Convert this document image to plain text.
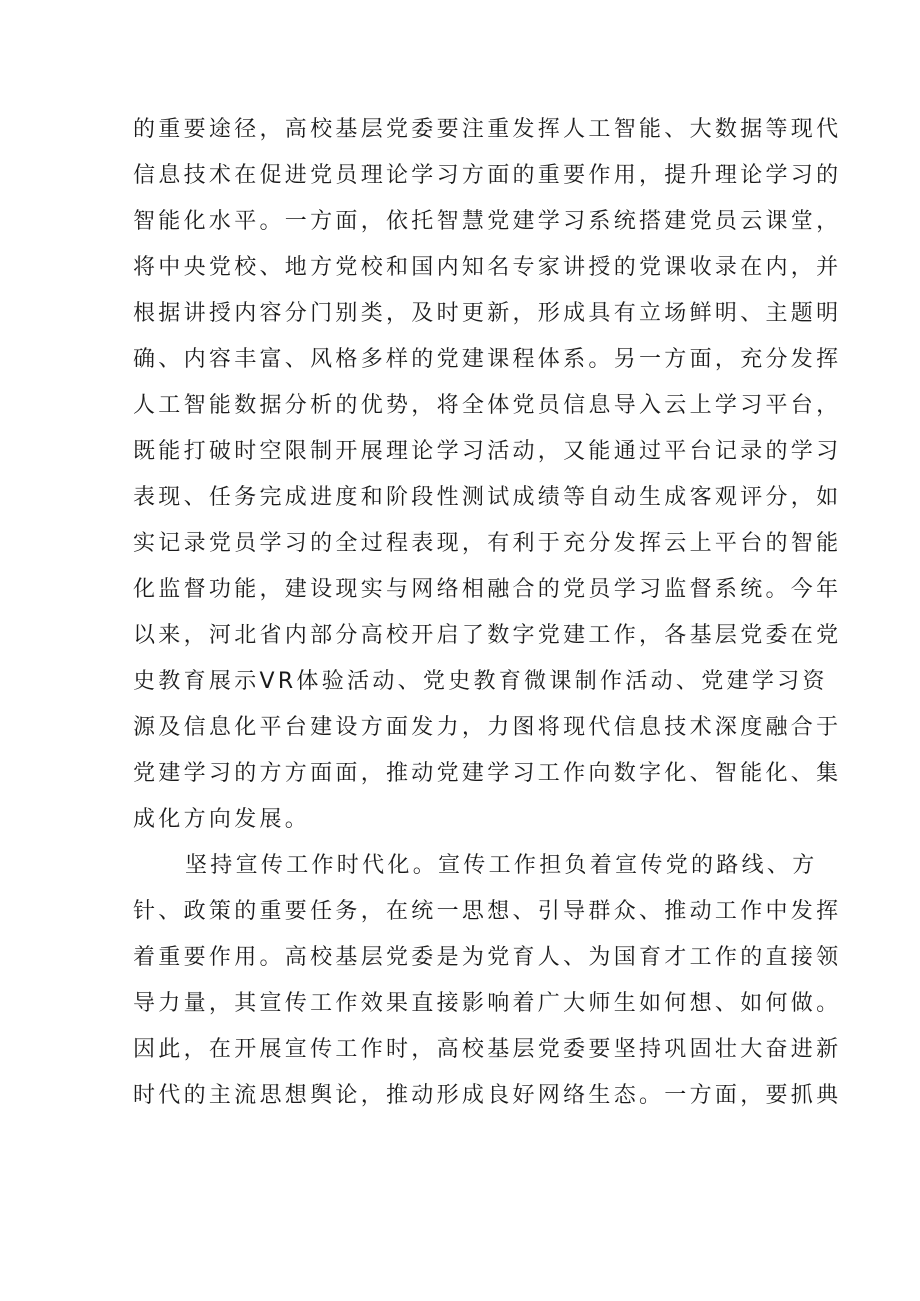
的重要途径，高校基层党委要注重发挥人工智能、大数据等现代
信息技术在促进党员理论学习方面的重要作用，提升理论学习的
智能化水平。一方面，依托智慧党建学习系统搭建党员云课堂，
将中央党校、地方党校和国内知名专家讲授的党课收录在内，并
根据讲授内容分门别类，及时更新，形成具有立场鲜明、主题明
确、内容丰富、风格多样的党建课程体系。另一方面，充分发挥
人工智能数据分析的优势，将全体党员信息导入云上学习平台，
既能打破时空限制开展理论学习活动，又能通过平台记录的学习
表现、任务完成进度和阶段性测试成绩等自动生成客观评分，如
实记录党员学习的全过程表现，有利于充分发挥云上平台的智能
化监督功能，建设现实与网络相融合的党员学习监督系统。今年
以来，河北省内部分高校开启了数字党建工作，各基层党委在党
史教育展示VR体验活动、党史教育微课制作活动、党建学习资
源及信息化平台建设方面发力，力图将现代信息技术深度融合于
党建学习的方方面面，推动党建学习工作向数字化、智能化、集
成化方向发展。
坚持宣传工作时代化。宣传工作担负着宣传党的路线、方
针、政策的重要任务，在统一思想、引导群众、推动工作中发挥
着重要作用。高校基层党委是为党育人、为国育才工作的直接领
导力量，其宣传工作效果直接影响着广大师生如何想、如何做。
因此，在开展宣传工作时，高校基层党委要坚持巩固壮大奋进新
时代的主流思想舆论，推动形成良好网络生态。一方面，要抓典
